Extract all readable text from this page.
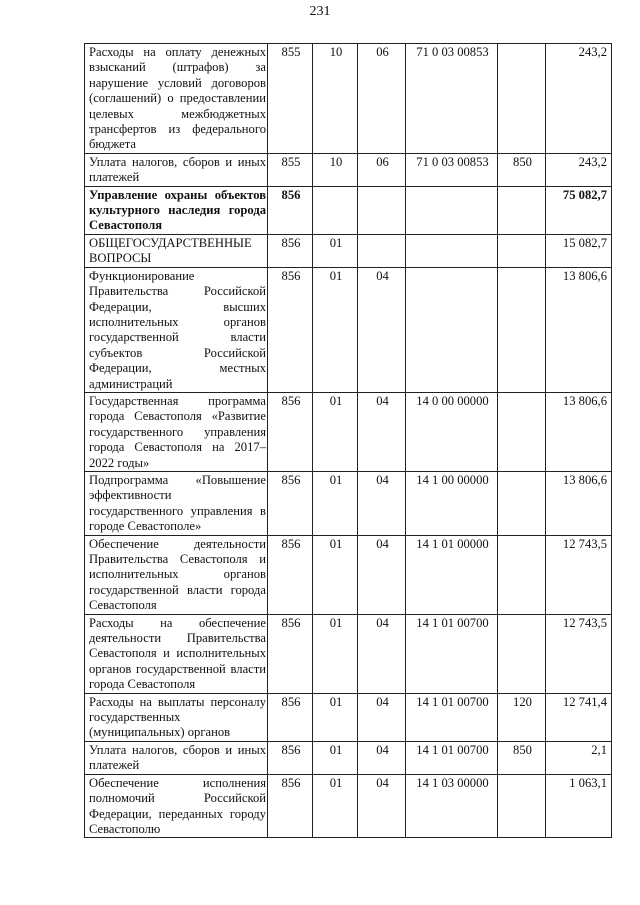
231
Расходы на оплату денежных взысканий (штрафов) за нарушение условий договоров (соглашений) о предоставлении целевых межбюджетных трансфертов из федерального бюджета	855	10	06	71 0 03 00853		243,2
Уплата налогов, сборов и иных платежей	855	10	06	71 0 03 00853	850	243,2
Управление охраны объектов культурного наследия города Севастополя	856					75 082,7
ОБЩЕГОСУДАРСТВЕННЫЕ ВОПРОСЫ	856	01				15 082,7
Функционирование Правительства Российской Федерации, высших исполнительных органов государственной власти субъектов Российской Федерации, местных администраций	856	01	04			13 806,6
Государственная программа города Севастополя «Развитие государственного управления города Севастополя на 2017–2022 годы»	856	01	04	14 0 00 00000		13 806,6
Подпрограмма «Повышение эффективности государственного управления в городе Севастополе»	856	01	04	14 1 00 00000		13 806,6
Обеспечение деятельности Правительства Севастополя и исполнительных органов государственной власти города Севастополя	856	01	04	14 1 01 00000		12 743,5
Расходы на обеспечение деятельности Правительства Севастополя и исполнительных органов государственной власти города Севастополя	856	01	04	14 1 01 00700		12 743,5
Расходы на выплаты персоналу государственных (муниципальных) органов	856	01	04	14 1 01 00700	120	12 741,4
Уплата налогов, сборов и иных платежей	856	01	04	14 1 01 00700	850	2,1
Обеспечение исполнения полномочий Российской Федерации, переданных городу Севастополю	856	01	04	14 1 03 00000		1 063,1
